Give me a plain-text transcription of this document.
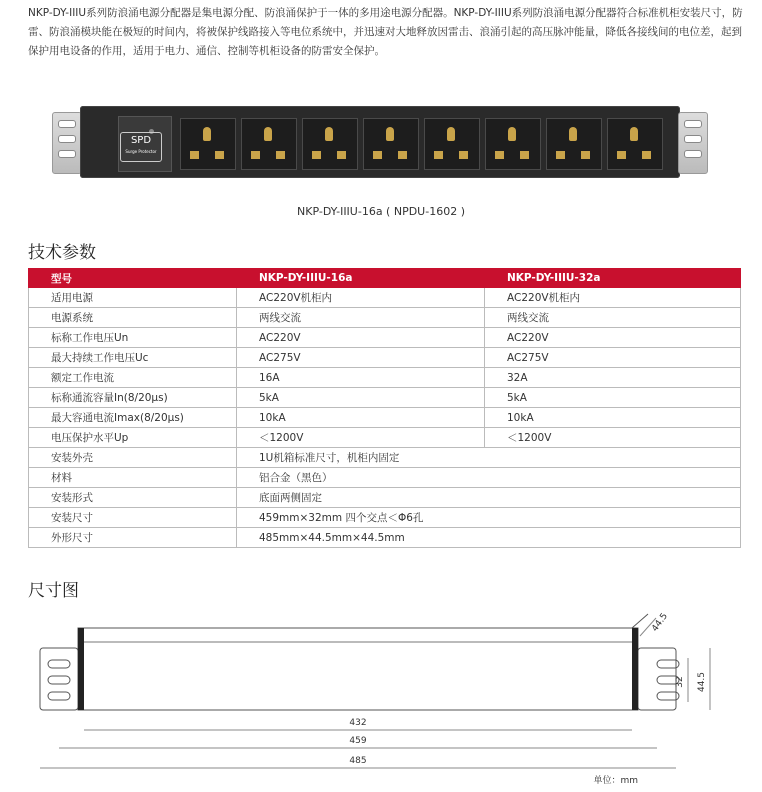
NKP-DY-IIIU系列防浪涌电源分配器是集电源分配、防浪涌保护于一体的多用途电源分配器。NKP-DY-IIIU系列防浪涌电源分配器符合标准机柜安装尺寸，防雷、防浪涌模块能在极短的时间内，将被保护线路接入等电位系统中，并迅速对大地释放因雷击、浪涌引起的高压脉冲能量，降低各接线间的电位差，起到保护用电设备的作用，适用于电力、通信、控制等机柜设备的防雷安全保护。
SPD
Surge Protector
NKP-DY-IIIU-16a ( NPDU-1602 )
技术参数
型号	NKP-DY-IIIU-16a	NKP-DY-IIIU-32a
适用电源	AC220V机柜内	AC220V机柜内
电源系统	两线交流	两线交流
标称工作电压Un	AC220V	AC220V
最大持续工作电压Uc	AC275V	AC275V
额定工作电流	16A	32A
标称通流容量In(8/20μs)	5kA	5kA
最大容通电流Imax(8/20μs)	10kA	10kA
电压保护水平Up	＜1200V	＜1200V
安装外壳	1U机箱标准尺寸，机柜内固定	
材料	铝合金（黑色）	
安装形式	底面两侧固定	
安装尺寸	459mm×32mm 四个交点＜Φ6孔	
外形尺寸	485mm×44.5mm×44.5mm	
尺寸图
432
459
485
32 44.5
44.5
单位：mm
